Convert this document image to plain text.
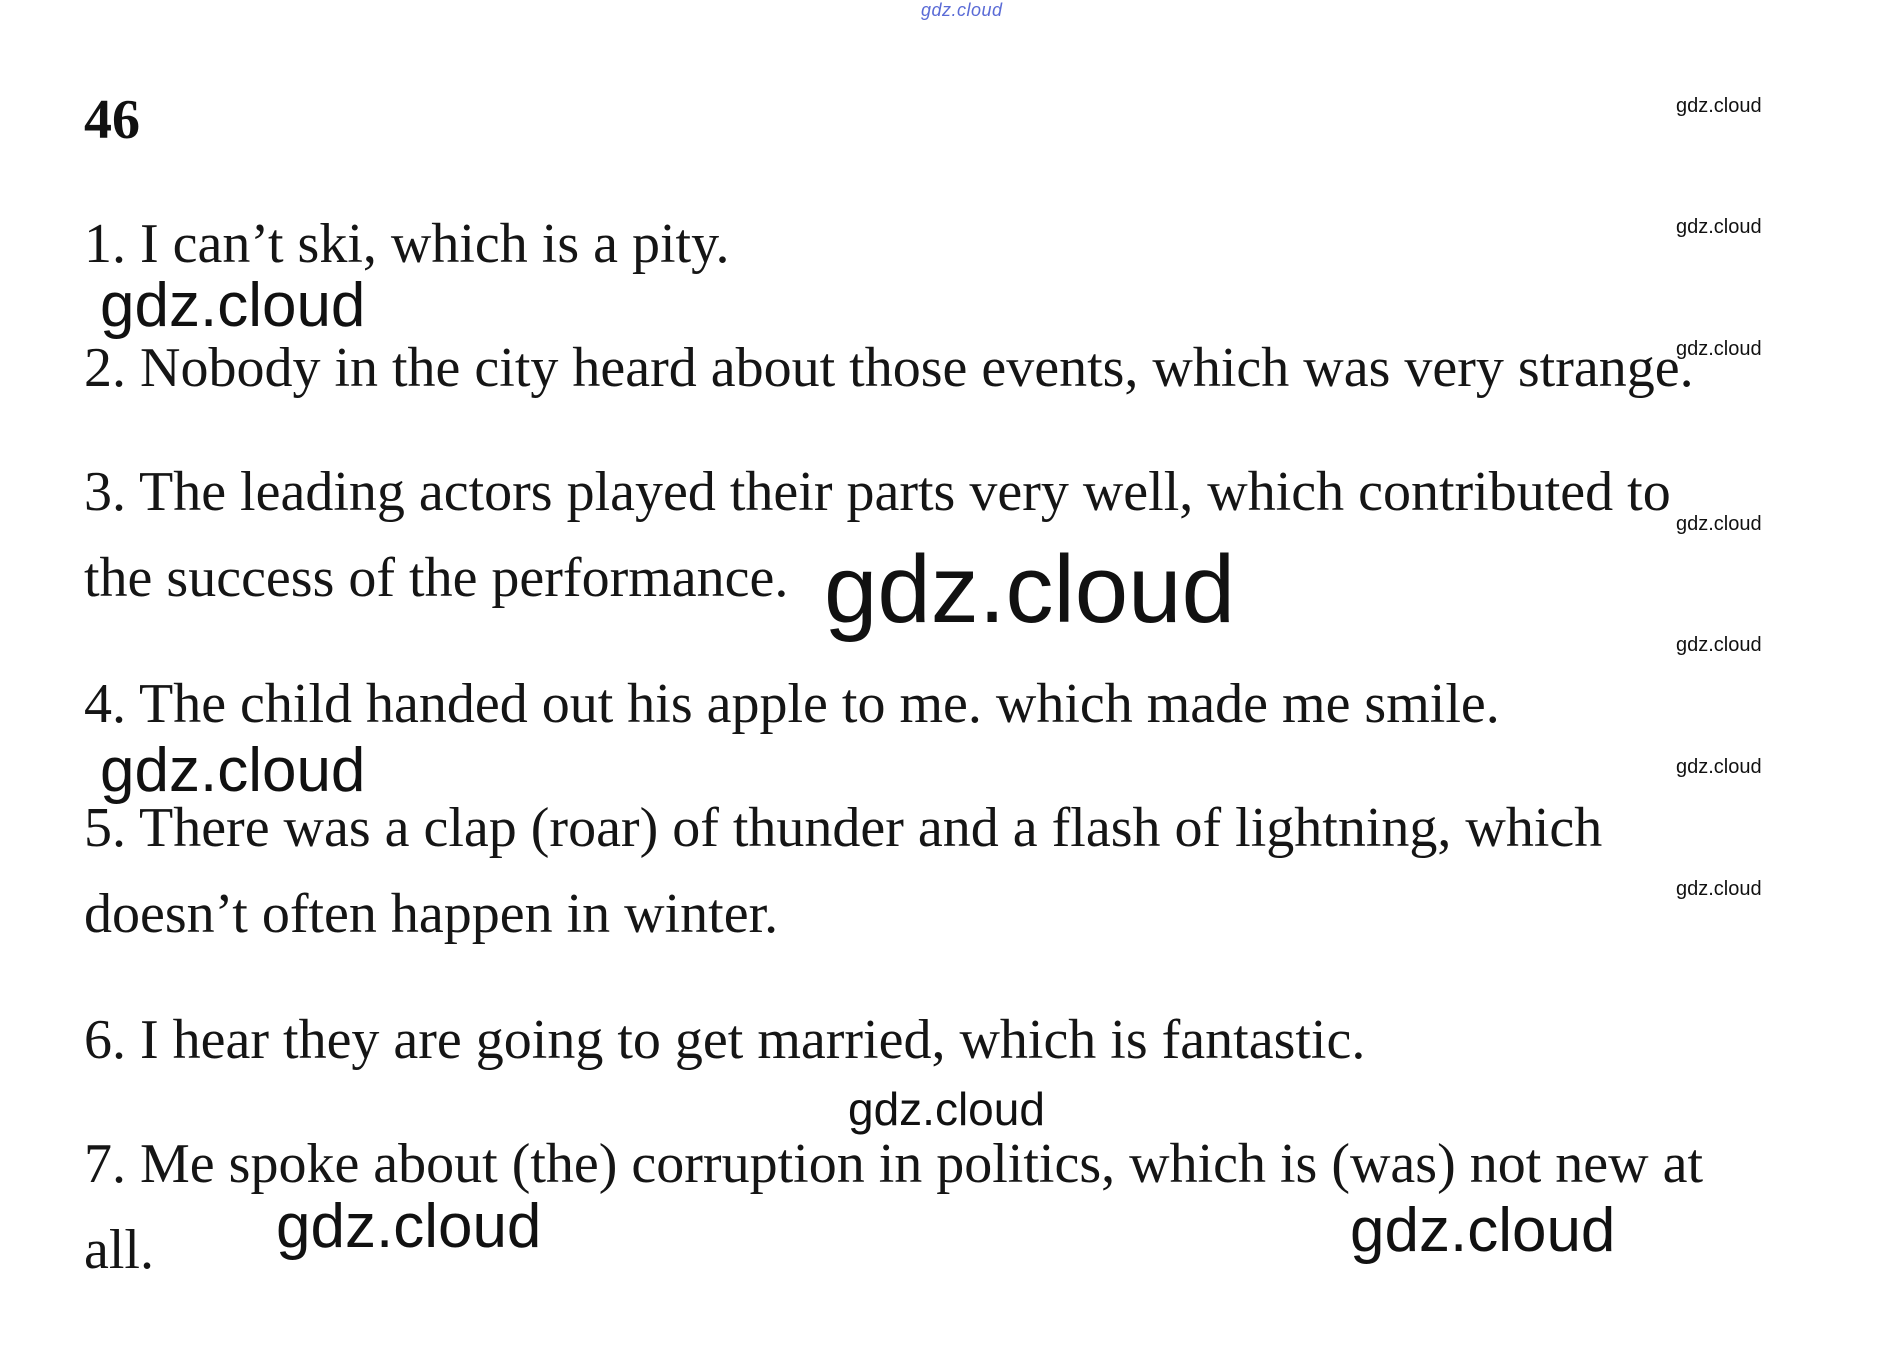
gdz.cloud
46
1. I can’t ski, which is a pity.
2. Nobody in the city heard about those events, which was very strange.
3. The leading actors played their parts very well, which contributed to
the success of the performance.
4. The child handed out his apple to me. which made me smile.
5. There was a clap (roar) of thunder and a flash of lightning, which
doesn’t often happen in winter.
6. I hear they are going to get married, which is fantastic.
7. Me spoke about (the) corruption in politics, which is (was) not new at
all.
gdz.cloud
gdz.cloud
gdz.cloud
gdz.cloud
gdz.cloud
gdz.cloud
gdz.cloud
gdz.cloud
gdz.cloud
gdz.cloud
gdz.cloud
gdz.cloud	gdz.cloud
